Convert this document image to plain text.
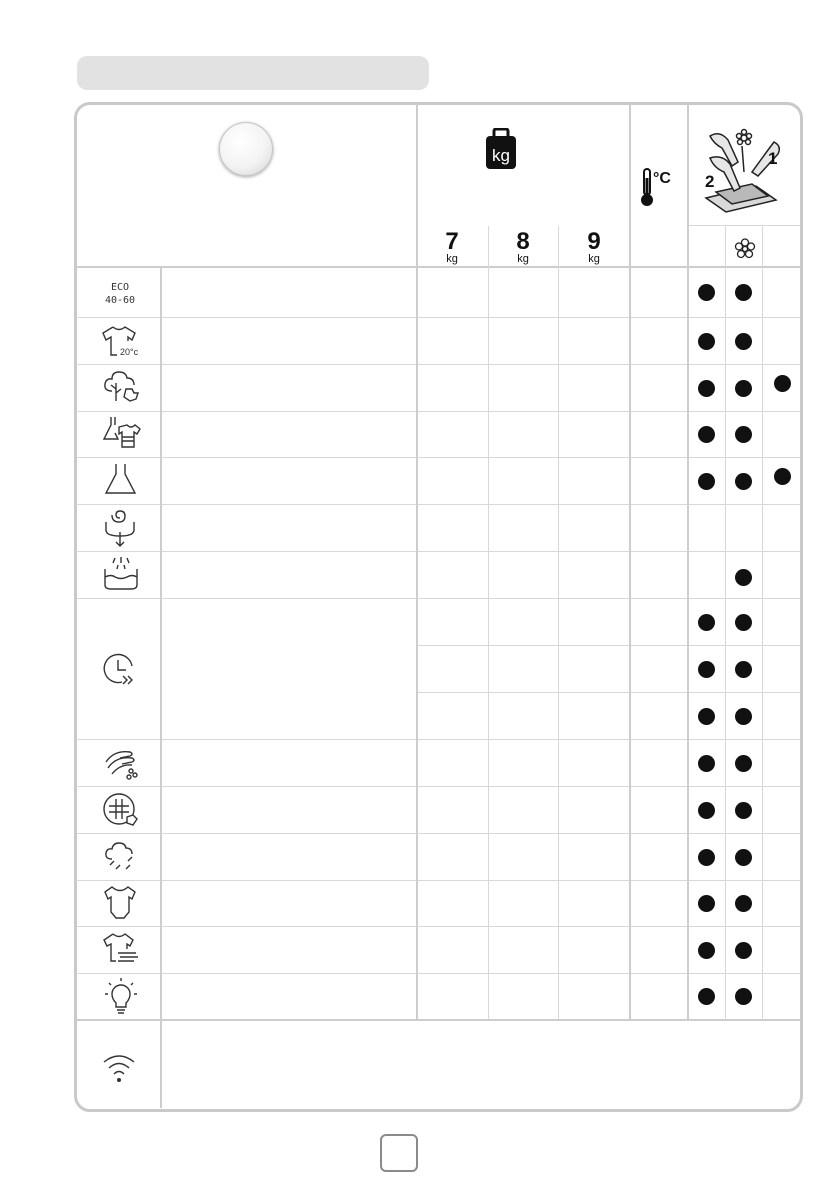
kg
7
kg
8
kg
9
kg
°C 2
1
ECO 40-60
20°c
